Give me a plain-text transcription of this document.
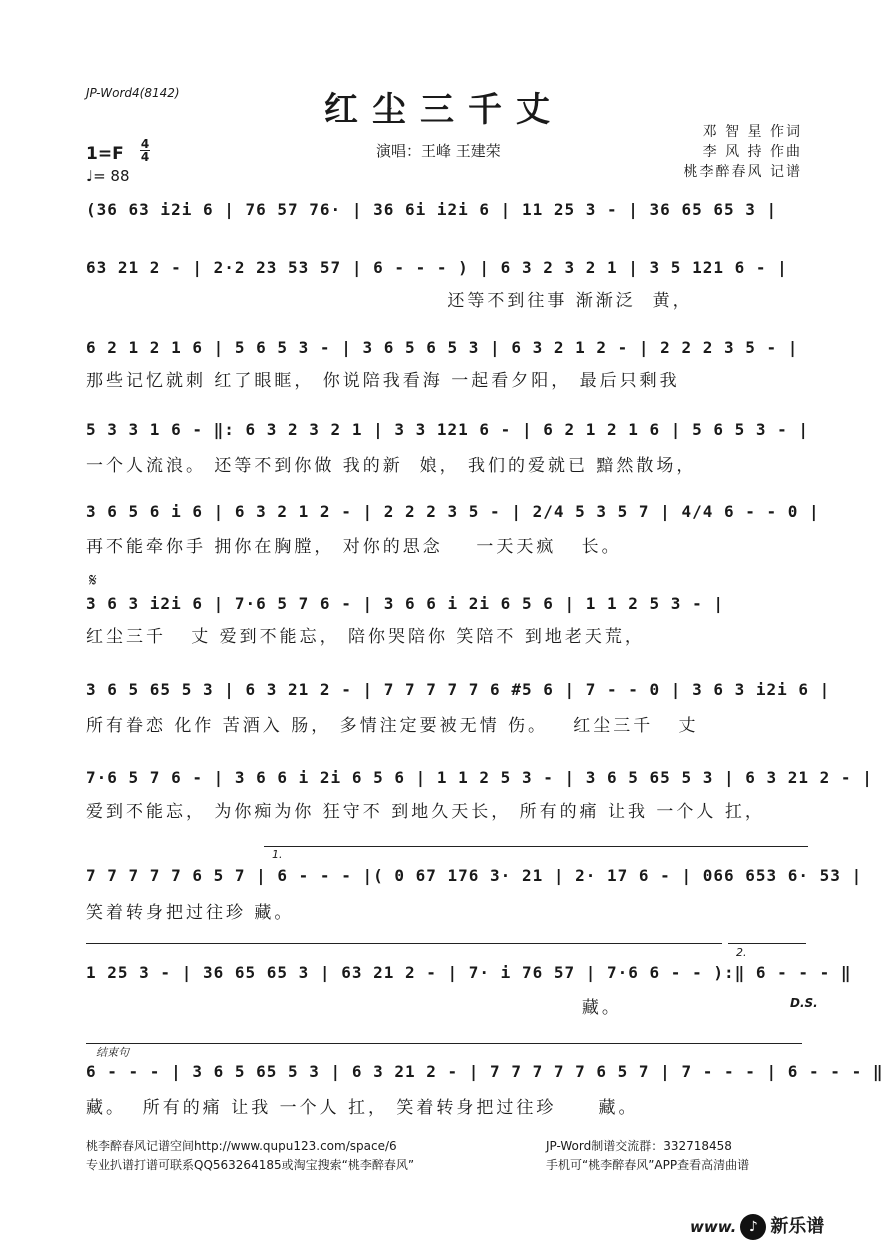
JP-Word4(8142)	红尘三千丈
演唱：王峰 王建荣
邓 智 星 作词
李 风 持 作曲
桃李醉春风 记谱
1=F 4
4
♩= 88
(36 63 i2i 6 | 76 57 76· | 36 6i i2i 6 | 11 25 3 - | 36 65 65 3 |
63 21 2 - | 2·2 23 53 57 | 6 - - - ) | 6 3 2 3 2 1 | 3 5 121 6 - |
还等不到往事 渐渐泛  黄，
6 2 1 2 1 6 | 5 6 5 3 - | 3 6 5 6 5 3 | 6 3 2 1 2 - | 2 2 2 3 5 - |
那些记忆就刺 红了眼眶， 你说陪我看海 一起看夕阳， 最后只剩我
5 3 3 1 6 - ‖: 6 3 2 3 2 1 | 3 3 121 6 - | 6 2 1 2 1 6 | 5 6 5 3 - |
一个人流浪。 还等不到你做 我的新  娘， 我们的爱就已 黯然散场，
3 6 5 6 i 6 | 6 3 2 1 2 - | 2 2 2 3 5 - | 2/4 5 3 5 7 | 4/4 6 - - 0 |
再不能牵你手 拥你在胸膛， 对你的思念    一天天疯   长。
𝄋
3 6 3 i2i 6 | 7·6 5 7 6 - | 3 6 6 i 2i 6 5 6 | 1 1 2 5 3 - |
红尘三千   丈 爱到不能忘， 陪你哭陪你 笑陪不 到地老天荒，
3 6 5 65 5 3 | 6 3 21 2 - | 7 7 7 7 7 6 #5 6 | 7 - - 0 | 3 6 3 i2i 6 |
所有眷恋 化作 苦酒入 肠， 多情注定要被无情 伤。   红尘三千   丈
7·6 5 7 6 - | 3 6 6 i 2i 6 5 6 | 1 1 2 5 3 - | 3 6 5 65 5 3 | 6 3 21 2 - |
爱到不能忘， 为你痴为你 狂守不 到地久天长， 所有的痛 让我 一个人 扛，
1.
7 7 7 7 7 6 5 7 | 6 - - - |( 0 67 176 3· 21 | 2· 17 6 - | 066 653 6· 53 |
笑着转身把过往珍 藏。
2.
1 25 3 - | 36 65 65 3 | 63 21 2 - | 7· i 76 57 | 7·6 6 - - ):‖ 6 - - - ‖
藏。	D.S.
结束句
6 - - - | 3 6 5 65 5 3 | 6 3 21 2 - | 7 7 7 7 7 6 5 7 | 7 - - - | 6 - - - ‖
藏。  所有的痛 让我 一个人 扛， 笑着转身把过往珍     藏。
桃李醉春风记谱空间http://www.qupu123.com/space/6
专业扒谱打谱可联系QQ563264185或淘宝搜索“桃李醉春风”
JP-Word制谱交流群：332718458
手机可“桃李醉春风”APP查看高清曲谱
www. ♪ 新乐谱
